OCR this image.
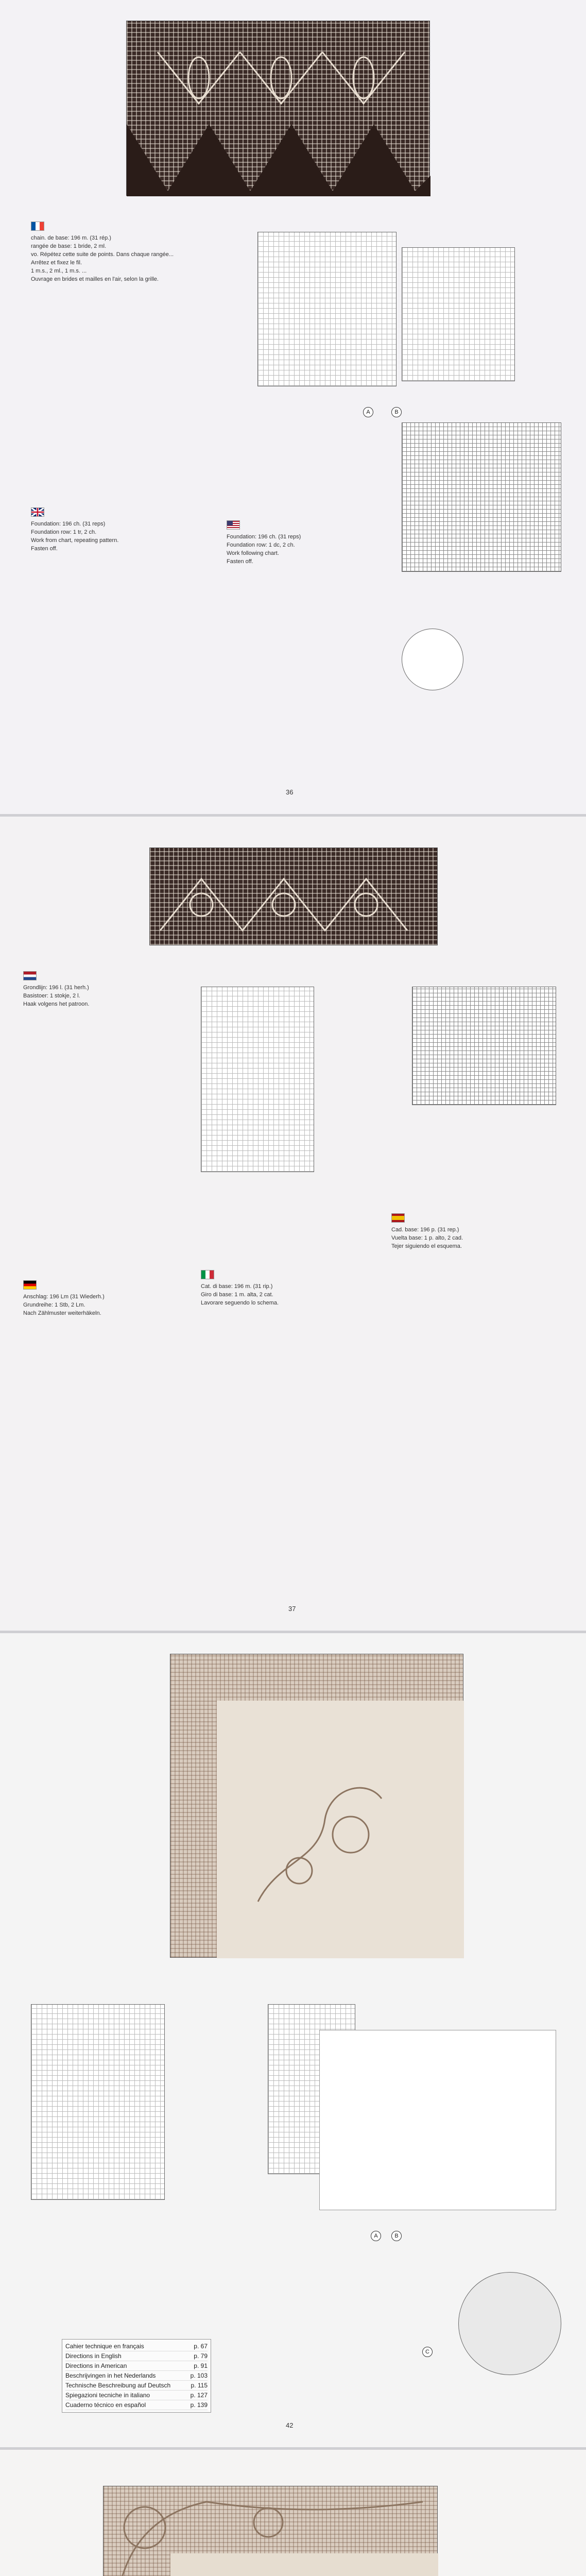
chain. de base: 196 m. (31 rép.)

rangée de base: 1 bride, 2 ml.

vo. Répétez cette suite de points. Dans chaque rangée...

Arrêtez et fixez le fil.

1 m.s., 2 ml., 1 m.s. ...

Ouvrage en brides et mailles en l'air, selon la grille.

Foundation: 196 ch. (31 reps)

Foundation row: 1 tr, 2 ch.

Work from chart, repeating pattern.

Fasten off.

Foundation: 196 ch. (31 reps)

Foundation row: 1 dc, 2 ch.

Work following chart.

Fasten off.

A	B
36

Grondlijn: 196 l. (31 herh.)

Basistoer: 1 stokje, 2 l.

Haak volgens het patroon.

Anschlag: 196 Lm (31 Wiederh.)

Grundreihe: 1 Stb, 2 Lm.

Nach Zählmuster weiterhäkeln.

Cat. di base: 196 m. (31 rip.)

Giro di base: 1 m. alta, 2 cat.

Lavorare seguendo lo schema.

Cad. base: 196 p. (31 rep.)

Vuelta base: 1 p. alto, 2 cad.

Tejer siguiendo el esquema.

37
A	B
C
Cahier technique en français	p. 67
Directions in English	p. 79
Directions in American	p. 91
Beschrijvingen in het Nederlands	p. 103
Technische Beschreibung auf Deutsch	p. 115
Spiegazioni tecniche in italiano	p. 127
Cuaderno técnico en español	p. 139
42
